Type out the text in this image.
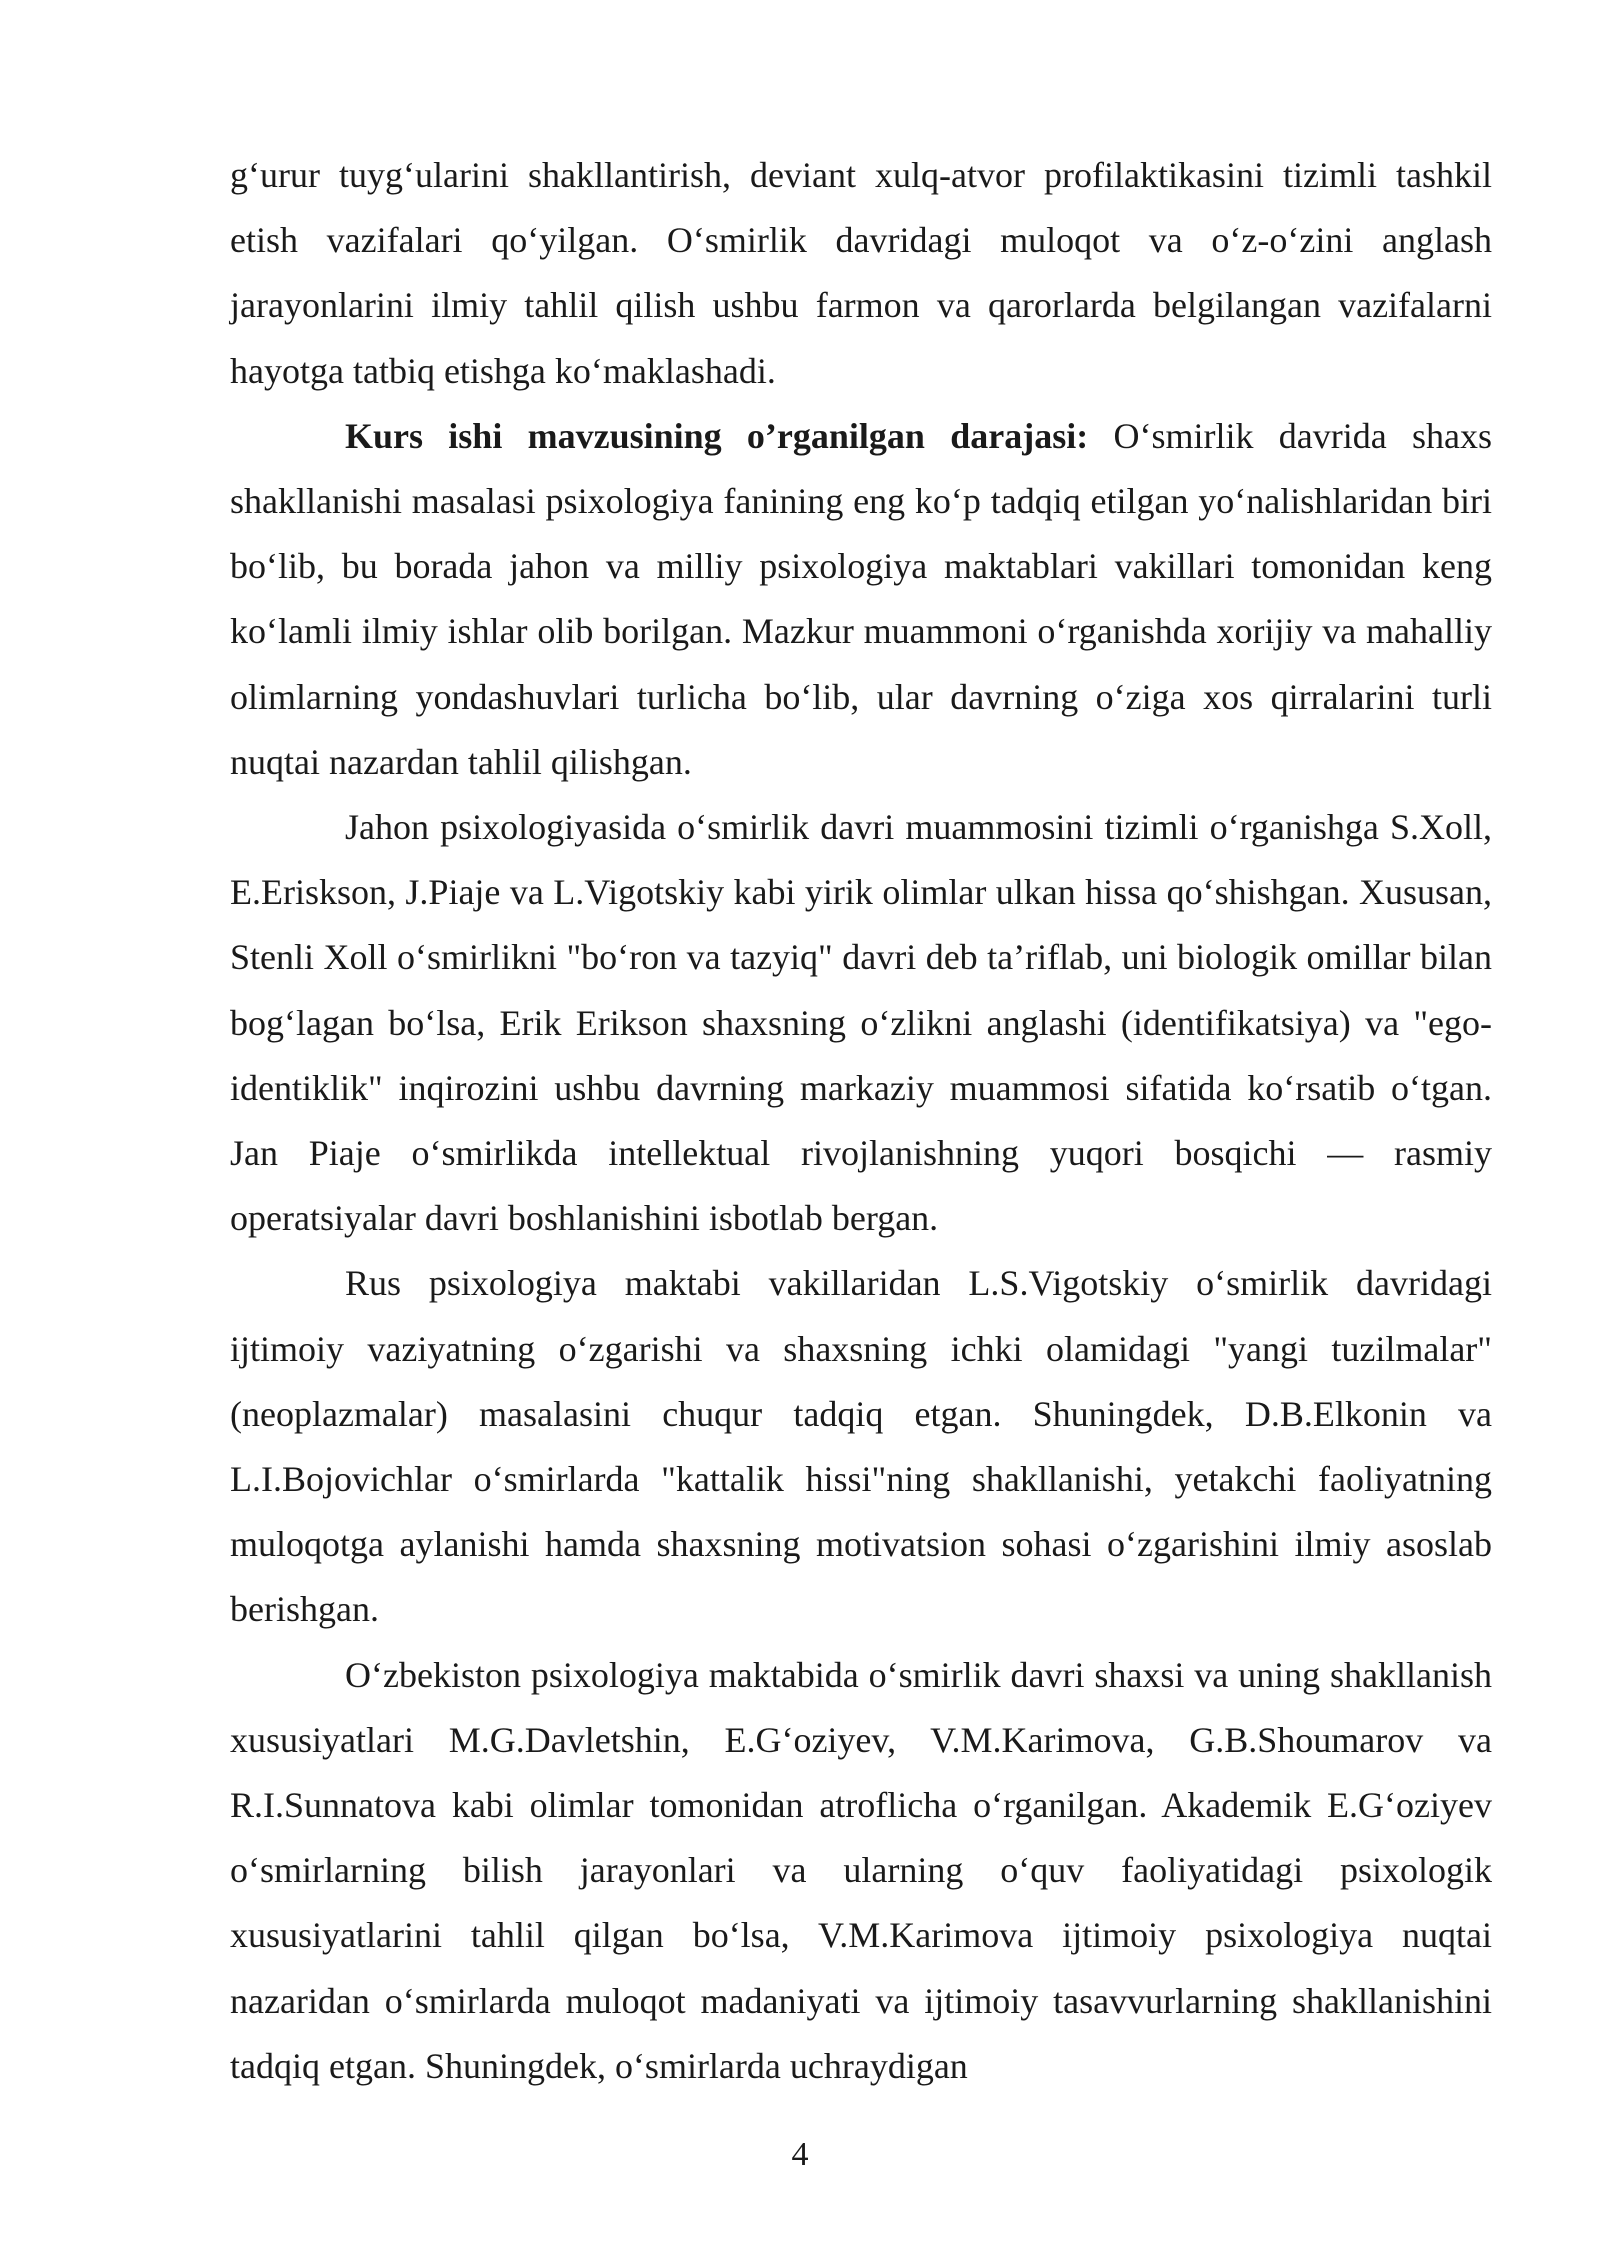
g‘urur tuyg‘ularini shakllantirish, deviant xulq-atvor profilaktikasini tizimli tashkil etish vazifalari qo‘yilgan. O‘smirlik davridagi muloqot va o‘z-o‘zini anglash jarayonlarini ilmiy tahlil qilish ushbu farmon va qarorlarda belgilangan vazifalarni hayotga tatbiq etishga ko‘maklashadi.

Kurs ishi mavzusining o’rganilgan darajasi: O‘smirlik davrida shaxs shakllanishi masalasi psixologiya fanining eng ko‘p tadqiq etilgan yo‘nalishlaridan biri bo‘lib, bu borada jahon va milliy psixologiya maktablari vakillari tomonidan keng ko‘lamli ilmiy ishlar olib borilgan. Mazkur muammoni o‘rganishda xorijiy va mahalliy olimlarning yondashuvlari turlicha bo‘lib, ular davrning o‘ziga xos qirralarini turli nuqtai nazardan tahlil qilishgan.

Jahon psixologiyasida o‘smirlik davri muammosini tizimli o‘rganishga S.Xoll, E.Eriskson, J.Piaje va L.Vigotskiy kabi yirik olimlar ulkan hissa qo‘shishgan. Xususan, Stenli Xoll o‘smirlikni "bo‘ron va tazyiq" davri deb ta’riflab, uni biologik omillar bilan bog‘lagan bo‘lsa, Erik Erikson shaxsning o‘zlikni anglashi (identifikatsiya) va "ego-identiklik" inqirozini ushbu davrning markaziy muammosi sifatida ko‘rsatib o‘tgan. Jan Piaje o‘smirlikda intellektual rivojlanishning yuqori bosqichi — rasmiy operatsiyalar davri boshlanishini isbotlab bergan.

Rus psixologiya maktabi vakillaridan L.S.Vigotskiy o‘smirlik davridagi ijtimoiy vaziyatning o‘zgarishi va shaxsning ichki olamidagi "yangi tuzilmalar" (neoplazmalar) masalasini chuqur tadqiq etgan. Shuningdek, D.B.Elkonin va L.I.Bojovichlar o‘smirlarda "kattalik hissi"ning shakllanishi, yetakchi faoliyatning muloqotga aylanishi hamda shaxsning motivatsion sohasi o‘zgarishini ilmiy asoslab berishgan.

O‘zbekiston psixologiya maktabida o‘smirlik davri shaxsi va uning shakllanish xususiyatlari M.G.Davletshin, E.G‘oziyev, V.M.Karimova, G.B.Shoumarov va R.I.Sunnatova kabi olimlar tomonidan atroflicha o‘rganilgan. Akademik E.G‘oziyev o‘smirlarning bilish jarayonlari va ularning o‘quv faoliyatidagi psixologik xususiyatlarini tahlil qilgan bo‘lsa, V.M.Karimova ijtimoiy psixologiya nuqtai nazaridan o‘smirlarda muloqot madaniyati va ijtimoiy tasavvurlarning shakllanishini tadqiq etgan. Shuningdek, o‘smirlarda uchraydigan

4
